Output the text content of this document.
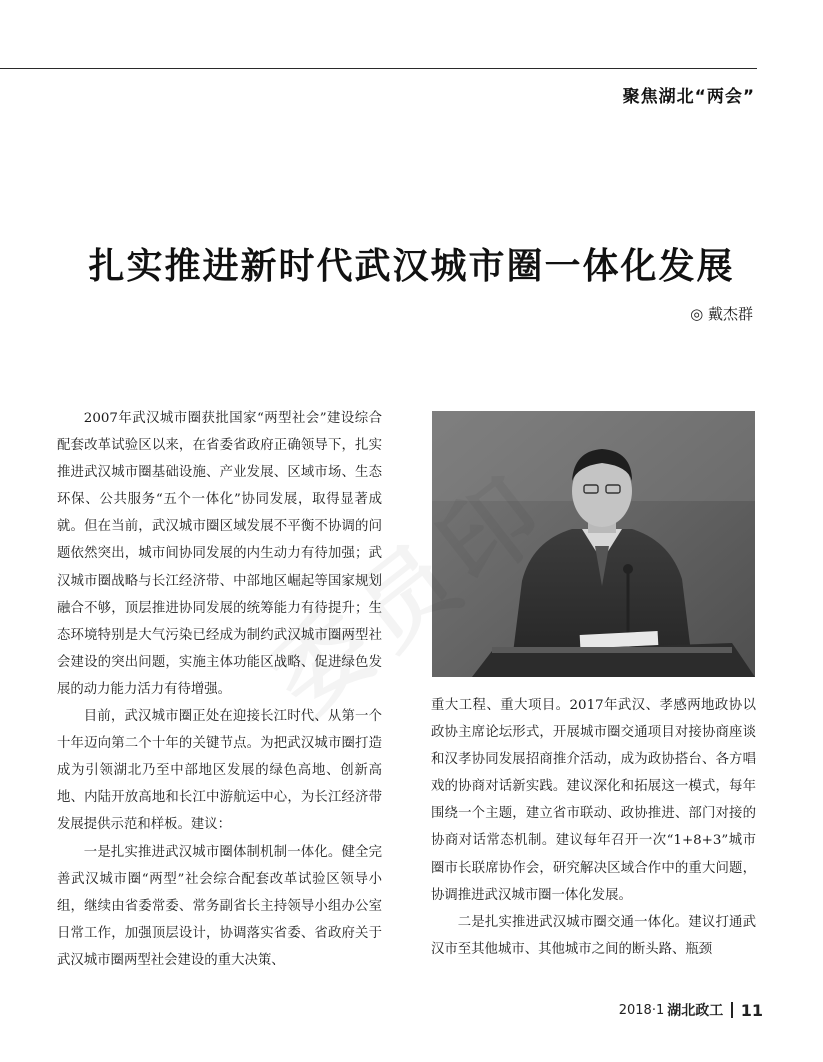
聚焦湖北“两会”
扎实推进新时代武汉城市圈一体化发展
◎ 戴杰群

2007年武汉城市圈获批国家“两型社会”建设综合配套改革试验区以来，在省委省政府正确领导下，扎实推进武汉城市圈基础设施、产业发展、区域市场、生态环保、公共服务“五个一体化”协同发展，取得显著成就。但在当前，武汉城市圈区域发展不平衡不协调的问题依然突出，城市间协同发展的内生动力有待加强；武汉城市圈战略与长江经济带、中部地区崛起等国家规划融合不够，顶层推进协同发展的统筹能力有待提升；生态环境特别是大气污染已经成为制约武汉城市圈两型社会建设的突出问题，实施主体功能区战略、促进绿色发展的动力能力活力有待增强。

目前，武汉城市圈正处在迎接长江时代、从第一个十年迈向第二个十年的关键节点。为把武汉城市圈打造成为引领湖北乃至中部地区发展的绿色高地、创新高地、内陆开放高地和长江中游航运中心，为长江经济带发展提供示范和样板。建议：

一是扎实推进武汉城市圈体制机制一体化。健全完善武汉城市圈“两型”社会综合配套改革试验区领导小组，继续由省委常委、常务副省长主持领导小组办公室日常工作，加强顶层设计，协调落实省委、省政府关于武汉城市圈两型社会建设的重大决策、

重大工程、重大项目。2017年武汉、孝感两地政协以政协主席论坛形式，开展城市圈交通项目对接协商座谈和汉孝协同发展招商推介活动，成为政协搭台、各方唱戏的协商对话新实践。建议深化和拓展这一模式，每年围绕一个主题，建立省市联动、政协推进、部门对接的协商对话常态机制。建议每年召开一次“1+8+3”城市圈市长联席协作会，研究解决区域合作中的重大问题，协调推进武汉城市圈一体化发展。

二是扎实推进武汉城市圈交通一体化。建议打通武汉市至其他城市、其他城市之间的断头路、瓶颈

2018·1 湖北政工 11
